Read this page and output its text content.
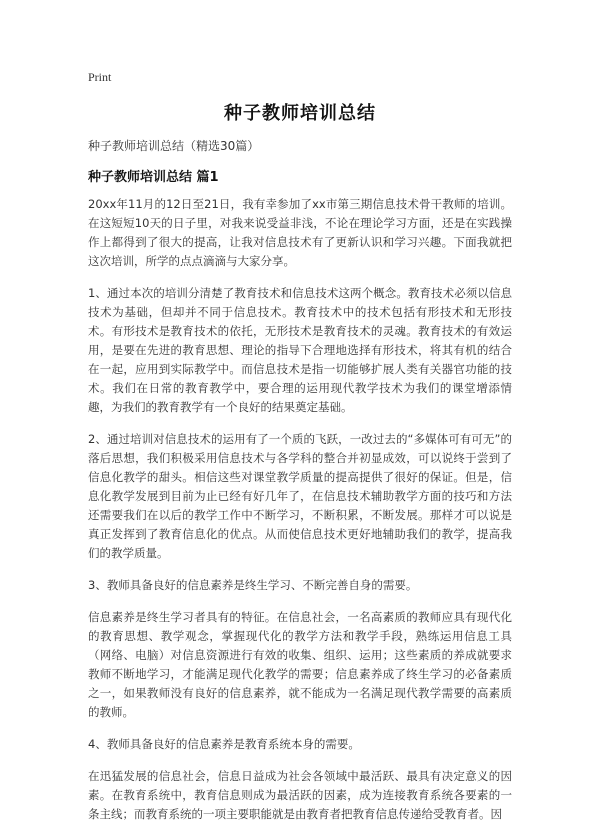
Print
种子教师培训总结
种子教师培训总结（精选30篇）
种子教师培训总结 篇1

20xx年11月的12日至21日，我有幸参加了xx市第三期信息技术骨干教师的培训。在这短短10天的日子里，对我来说受益非浅，不论在理论学习方面，还是在实践操作上都得到了很大的提高，让我对信息技术有了更新认识和学习兴趣。下面我就把这次培训，所学的点点滴滴与大家分享。

1、通过本次的培训分清楚了教育技术和信息技术这两个概念。教育技术必须以信息技术为基础，但却并不同于信息技术。教育技术中的技术包括有形技术和无形技术。有形技术是教育技术的依托，无形技术是教育技术的灵魂。教育技术的有效运用，是要在先进的教育思想、理论的指导下合理地选择有形技术，将其有机的结合在一起，应用到实际教学中。而信息技术是指一切能够扩展人类有关器官功能的技术。我们在日常的教育教学中，要合理的运用现代教学技术为我们的课堂增添情趣，为我们的教育教学有一个良好的结果奠定基础。

2、通过培训对信息技术的运用有了一个质的飞跃，一改过去的“多媒体可有可无”的落后思想，我们积极采用信息技术与各学科的整合并初显成效，可以说终于尝到了信息化教学的甜头。相信这些对课堂教学质量的提高提供了很好的保证。但是，信息化教学发展到目前为止已经有好几年了，在信息技术辅助教学方面的技巧和方法还需要我们在以后的教学工作中不断学习，不断积累，不断发展。那样才可以说是真正发挥到了教育信息化的优点。从而使信息技术更好地辅助我们的教学，提高我们的教学质量。

3、教师具备良好的信息素养是终生学习、不断完善自身的需要。

信息素养是终生学习者具有的特征。在信息社会，一名高素质的教师应具有现代化的教育思想、教学观念，掌握现代化的教学方法和教学手段，熟练运用信息工具（网络、电脑）对信息资源进行有效的收集、组织、运用；这些素质的养成就要求教师不断地学习，才能满足现代化教学的需要；信息素养成了终生学习的必备素质之一，如果教师没有良好的信息素养，就不能成为一名满足现代教学需要的高素质的教师。

4、教师具备良好的信息素养是教育系统本身的需要。

在迅猛发展的信息社会，信息日益成为社会各领域中最活跃、最具有决定意义的因素。在教育系统中，教育信息则成为最活跃的因素，成为连接教育系统各要素的一条主线；而教育系统的一项主要职能就是由教育者把教育信息传递给受教育者。因
